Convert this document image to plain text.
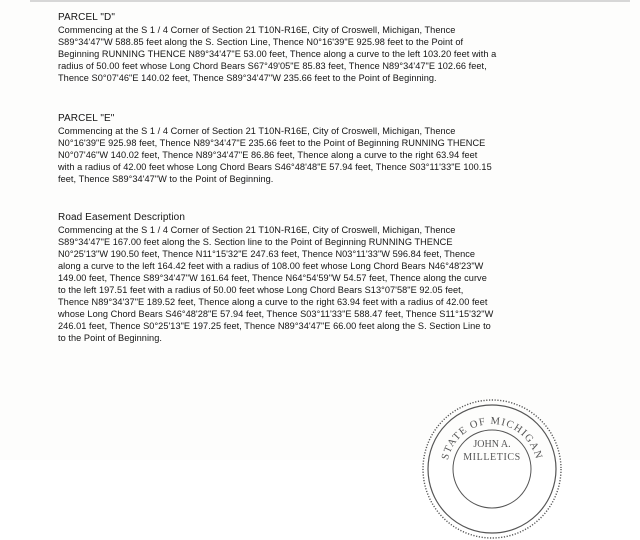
PARCEL "D"

Commencing at the S 1 / 4 Corner of Section 21 T10N-R16E, City of Croswell, Michigan, Thence

S89°34'47"W 588.85 feet along the S. Section Line, Thence N0°16'39"E 925.98 feet to the Point of

Beginning RUNNING THENCE N89°34'47"E 53.00 feet, Thence along a curve to the left 103.20 feet with a

radius of 50.00 feet whose Long Chord Bears S67°49'05"E 85.83 feet, Thence N89°34'47"E 102.66 feet,

Thence S0°07'46"E 140.02 feet, Thence S89°34'47"W 235.66 feet to the Point of Beginning.

PARCEL "E"

Commencing at the S 1 / 4 Corner of Section 21 T10N-R16E, City of Croswell, Michigan, Thence

N0°16'39"E 925.98 feet, Thence N89°34'47"E 235.66 feet to the Point of Beginning RUNNING THENCE

N0°07'46"W 140.02 feet, Thence N89°34'47"E 86.86 feet, Thence along a curve to the right 63.94 feet

with a radius of 42.00 feet whose Long Chord Bears S46°48'48"E 57.94 feet, Thence S03°11'33"E 100.15

feet, Thence S89°34'47"W to the Point of Beginning.

Road Easement Description

Commencing at the S 1 / 4 Corner of Section 21 T10N-R16E, City of Croswell, Michigan, Thence

S89°34'47"E 167.00 feet along the S. Section line to the Point of Beginning RUNNING THENCE

N0°25'13"W 190.50 feet, Thence N11°15'32"E 247.63 feet, Thence N03°11'33"W 596.84 feet, Thence

along a curve to the left 164.42 feet with a radius of 108.00 feet whose Long Chord Bears N46°48'23"W

149.00 feet, Thence S89°34'47"W 161.64 feet, Thence N64°54'59"W 54.57 feet, Thence along the curve

to the left 197.51 feet with a radius of 50.00 feet whose Long Chord Bears S13°07'58"E 92.05 feet,

Thence N89°34'37"E 189.52 feet, Thence along a curve to the right 63.94 feet with a radius of 42.00 feet

whose Long Chord Bears S46°48'28"E 57.94 feet, Thence S03°11'33"E 588.47 feet, Thence S11°15'32"W

246.01 feet, Thence S0°25'13"E 197.25 feet, Thence N89°34'47"E 66.00 feet along the S. Section Line to

to the Point of Beginning.

STATE OF MICHIGAN
JOHN A.
MILLETICS
